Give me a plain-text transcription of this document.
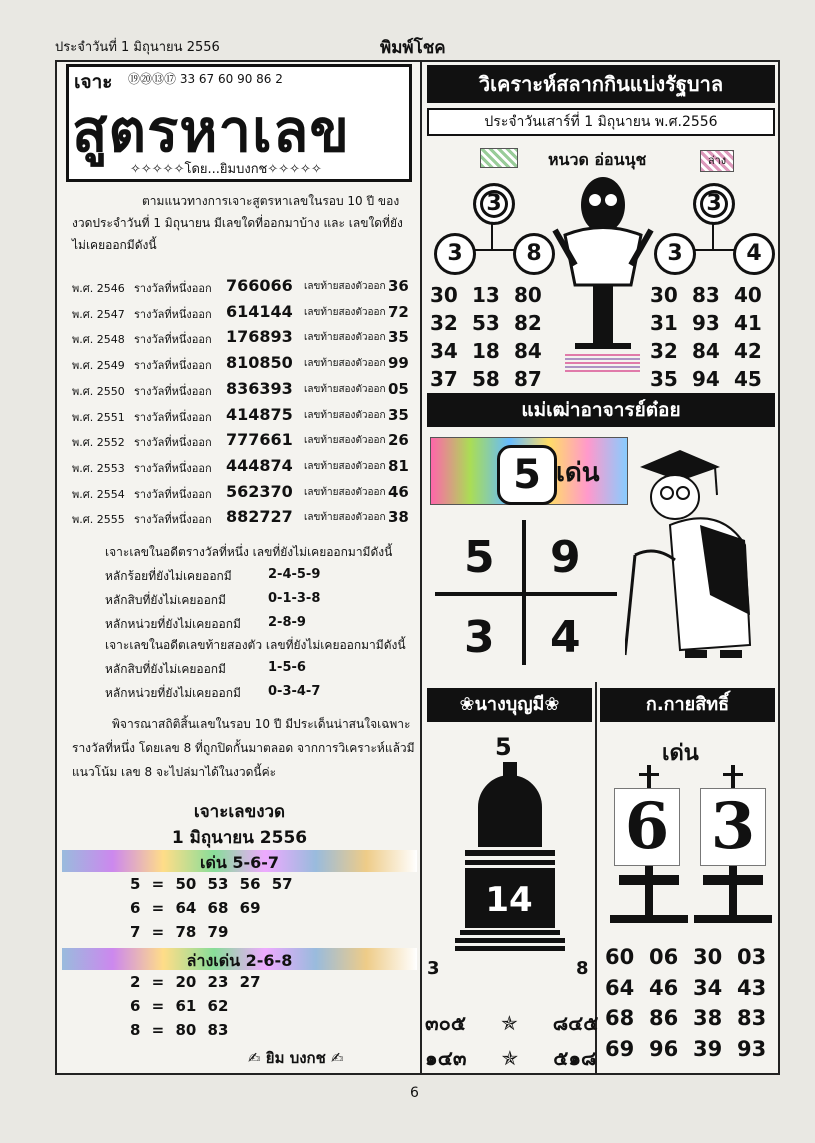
ประจำวันที่ 1 มิถุนายน 2556	พิมพ์โชค
เจาะ ⑲⑳⑬⑰ 33 67 60 90 86 2
สูตรหาเลข
✧✧✧✧✧โดย...ยิมบงกช✧✧✧✧✧
ตามแนวทางการเจาะสูตรหาเลขในรอบ 10 ปี ของงวดประจำวันที่ 1 มิถุนายน มีเลขใดที่ออกมาบ้าง และ เลขใดที่ยังไม่เคยออกมีดังนี้
พ.ศ. 2546 รางวัลที่หนึ่งออก 766066 เลขท้ายสองตัวออก 36
พ.ศ. 2547 รางวัลที่หนึ่งออก 614144 เลขท้ายสองตัวออก 72
พ.ศ. 2548 รางวัลที่หนึ่งออก 176893 เลขท้ายสองตัวออก 35
พ.ศ. 2549 รางวัลที่หนึ่งออก 810850 เลขท้ายสองตัวออก 99
พ.ศ. 2550 รางวัลที่หนึ่งออก 836393 เลขท้ายสองตัวออก 05
พ.ศ. 2551 รางวัลที่หนึ่งออก 414875 เลขท้ายสองตัวออก 35
พ.ศ. 2552 รางวัลที่หนึ่งออก 777661 เลขท้ายสองตัวออก 26
พ.ศ. 2553 รางวัลที่หนึ่งออก 444874 เลขท้ายสองตัวออก 81
พ.ศ. 2554 รางวัลที่หนึ่งออก 562370 เลขท้ายสองตัวออก 46
พ.ศ. 2555 รางวัลที่หนึ่งออก 882727 เลขท้ายสองตัวออก 38
เจาะเลขในอดีตรางวัลที่หนึ่ง เลขที่ยังไม่เคยออกมามีดังนี้
หลักร้อยที่ยังไม่เคยออกมี	2-4-5-9
หลักสิบที่ยังไม่เคยออกมี	0-1-3-8
หลักหน่วยที่ยังไม่เคยออกมี 2-8-9
เจาะเลขในอดีตเลขท้ายสองตัว เลขที่ยังไม่เคยออกมามีดังนี้
หลักสิบที่ยังไม่เคยออกมี	1-5-6
หลักหน่วยที่ยังไม่เคยออกมี 0-3-4-7
พิจารณาสถิติสิ้นเลขในรอบ 10 ปี มีประเด็นน่าสนใจเฉพาะรางวัลที่หนึ่ง โดยเลข 8 ที่ถูกปิดกั้นมาตลอด จากการวิเคราะห์แล้วมีแนวโน้ม เลข 8 จะไปล่มาได้ในงวดนี้ค่ะ
เจาะเลขงวด
1 มิถุนายน 2556
เด่น 5-6-7
5 = 50 53 56 57
6 = 64 68 69
7 = 78 79
ล่างเด่น 2-6-8
2 = 20 23 27
6 = 61 62
8 = 80 83
✍ ยิม บงกช ✍
วิเคราะห์สลากกินแบ่งรัฐบาล
ประจำวันเสาร์ที่ 1 มิถุนายน พ.ศ.2556
หนวด อ่อนนุช	ล่าง
3
3	8
3
3	4
30 13 80
32 53 82
34 18 84
37 58 87
30 83 40
31 93 41
32 84 42
35 94 45
แม่เฒ่าอาจารย์ต๋อย
5 เด่น
5 9
3 4
❀นางบุญมี❀
5
14
3	8
๓๐๕ ✯ ๘๔๕
๑๔๓ ✯ ๕๑๘
ก.กายสิทธิ์
เด่น
6 3
60 06 30 03
64 46 34 43
68 86 38 83
69 96 39 93
6
